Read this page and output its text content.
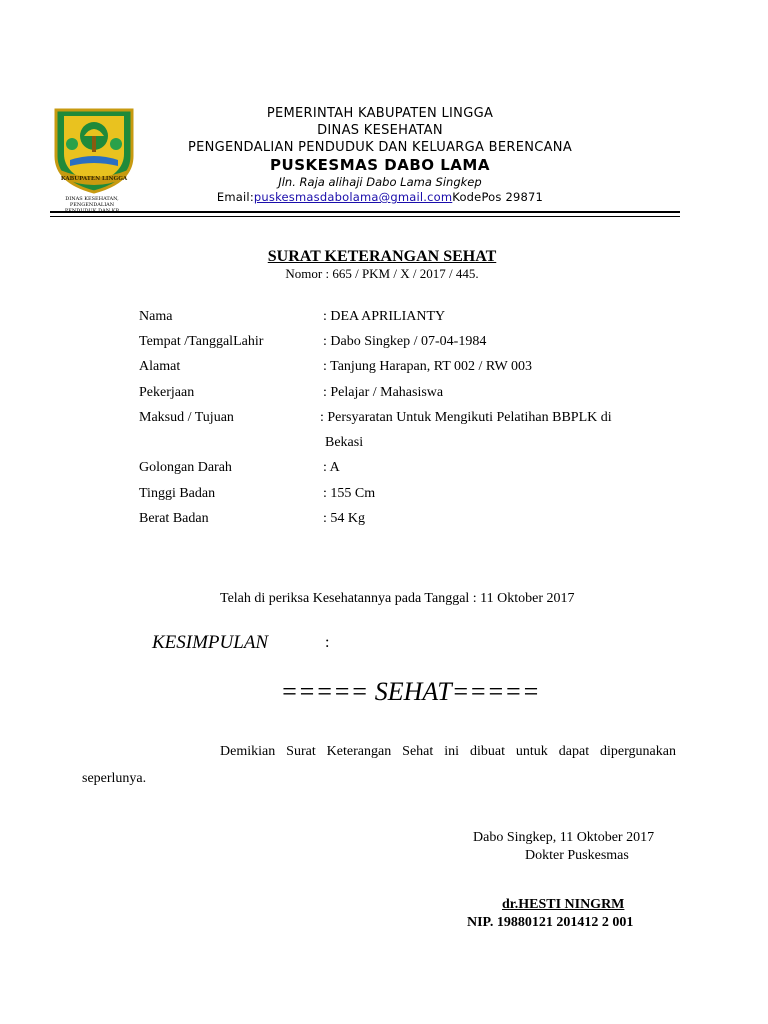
KABUPATEN LINGGA
DINAS KESEHATAN,
PENGENDALIAN
PENDUDUK DAN KB
PEMERINTAH KABUPATEN LINGGA
DINAS KESEHATAN
PENGENDALIAN PENDUDUK DAN KELUARGA BERENCANA
PUSKESMAS DABO LAMA
Jln. Raja alihaji Dabo Lama Singkep
Email:puskesmasdabolama@gmail.comKodePos 29871
SURAT KETERANGAN SEHAT
Nomor : 665 / PKM / X / 2017 / 445.
Nama	: DEA APRILIANTY
Tempat /TanggalLahir	: Dabo Singkep / 07-04-1984
Alamat	: Tanjung Harapan, RT 002 / RW 003
Pekerjaan	: Pelajar / Mahasiswa
Maksud / Tujuan	: Persyaratan Untuk Mengikuti Pelatihan BBPLK di
Bekasi
Golongan Darah	: A
Tinggi Badan	: 155 Cm
Berat Badan	: 54 Kg
Telah di periksa Kesehatannya pada Tanggal : 11 Oktober 2017
KESIMPULAN	:
===== SEHAT=====
Demikian Surat Keterangan Sehat ini dibuat untuk dapat dipergunakan seperlunya.
Dabo Singkep, 11 Oktober 2017
Dokter Puskesmas
dr.HESTI NINGRM
NIP. 19880121 201412 2 001
